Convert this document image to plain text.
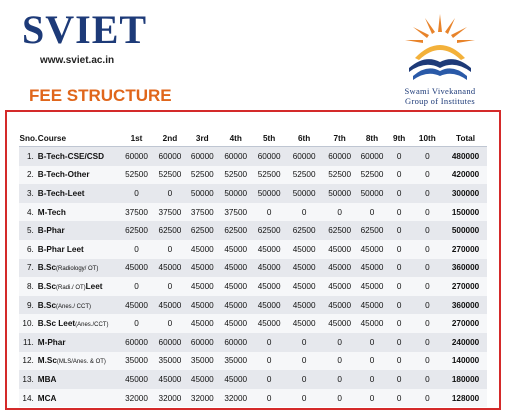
SVIET
www.sviet.ac.in
Swami Vivekanand
Group of Institutes
FEE STRUCTURE
Sno.	Course	1st	2nd	3rd	4th	5th	6th	7th	8th	9th	10th	Total
1.	B-Tech-CSE/CSD	60000	60000	60000	60000	60000	60000	60000	60000	0	0	480000
2.	B-Tech-Other	52500	52500	52500	52500	52500	52500	52500	52500	0	0	420000
3.	B-Tech-Leet	0	0	50000	50000	50000	50000	50000	50000	0	0	300000
4.	M-Tech	37500	37500	37500	37500	0	0	0	0	0	0	150000
5.	B-Phar	62500	62500	62500	62500	62500	62500	62500	62500	0	0	500000
6.	B-Phar Leet	0	0	45000	45000	45000	45000	45000	45000	0	0	270000
7.	B.Sc(Radiology/ OT)	45000	45000	45000	45000	45000	45000	45000	45000	0	0	360000
8.	B.Sc(Radi./ OT)Leet	0	0	45000	45000	45000	45000	45000	45000	0	0	270000
9.	B.Sc(Anes./ CCT)	45000	45000	45000	45000	45000	45000	45000	45000	0	0	360000
10.	B.Sc Leet(Anes./CCT)	0	0	45000	45000	45000	45000	45000	45000	0	0	270000
11.	M-Phar	60000	60000	60000	60000	0	0	0	0	0	0	240000
12.	M.Sc(MLS/Anes. & OT)	35000	35000	35000	35000	0	0	0	0	0	0	140000
13.	MBA	45000	45000	45000	45000	0	0	0	0	0	0	180000
14.	MCA	32000	32000	32000	32000	0	0	0	0	0	0	128000
